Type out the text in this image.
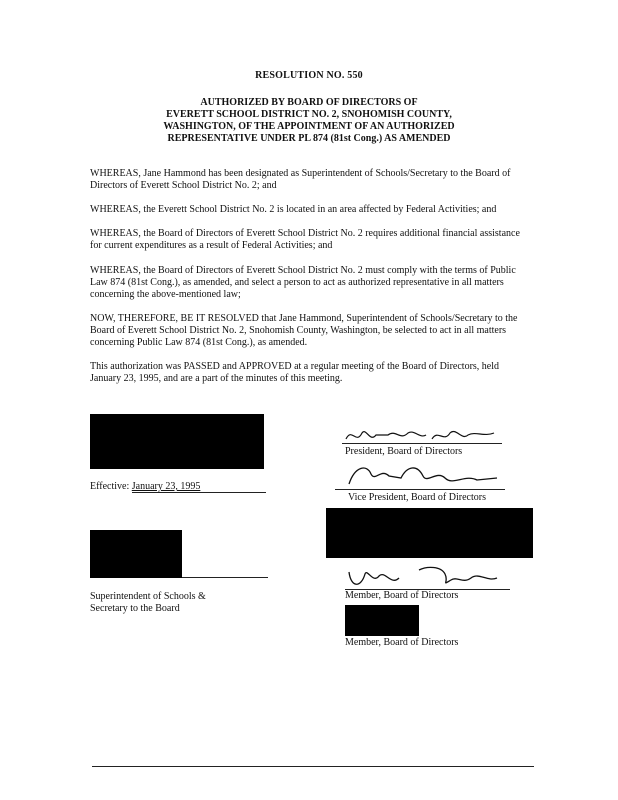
RESOLUTION NO. 550
AUTHORIZED BY BOARD OF DIRECTORS OF
EVERETT SCHOOL DISTRICT NO. 2, SNOHOMISH COUNTY,
WASHINGTON, OF THE APPOINTMENT OF AN AUTHORIZED
REPRESENTATIVE UNDER PL 874 (81st Cong.) AS AMENDED
WHEREAS, Jane Hammond has been designated as Superintendent of Schools/Secretary to the Board of Directors of Everett School District No. 2; and
WHEREAS, the Everett School District No. 2 is located in an area affected by Federal Activities; and
WHEREAS, the Board of Directors of Everett School District No. 2 requires additional financial assistance for current expenditures as a result of Federal Activities; and
WHEREAS, the Board of Directors of Everett School District No. 2 must comply with the terms of Public Law 874 (81st Cong.), as amended, and select a person to act as authorized representative in all matters concerning the above-mentioned law;
NOW, THEREFORE, BE IT RESOLVED that Jane Hammond, Superintendent of Schools/Secretary to the Board of Everett School District No. 2, Snohomish County, Washington, be selected to act in all matters concerning Public Law 874 (81st Cong.), as amended.
This authorization was PASSED and APPROVED at a regular meeting of the Board of Directors, held January 23, 1995, and are a part of the minutes of this meeting.
Effective: January 23, 1995
Superintendent of Schools &
Secretary to the Board
President, Board of Directors
Vice President, Board of Directors
Member, Board of Directors
Member, Board of Directors
